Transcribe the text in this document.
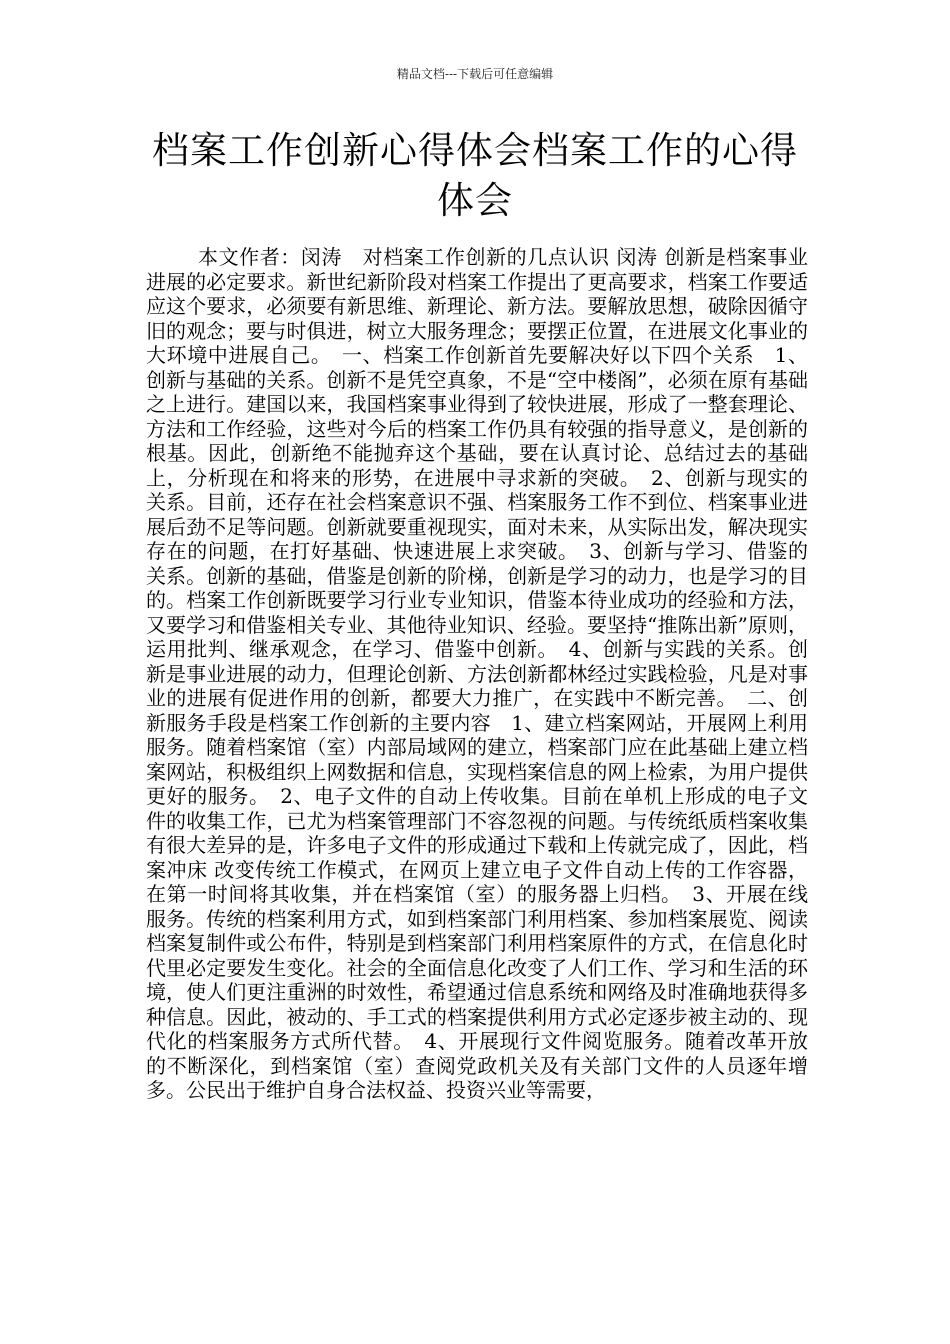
精品文档---下载后可任意编辑
档案工作创新心得体会档案工作的心得体会

本文作者：闵涛　对档案工作创新的几点认识 闵涛 创新是档案事业进展的必定要求。新世纪新阶段对档案工作提出了更高要求，档案工作要适应这个要求，必须要有新思维、新理论、新方法。要解放思想，破除因循守旧的观念；要与时俱进，树立大服务理念；要摆正位置，在进展文化事业的大环境中进展自己。　一、档案工作创新首先要解决好以下四个关系　1、创新与基础的关系。创新不是凭空真象，不是“空中楼阁”，必须在原有基础之上进行。建国以来，我国档案事业得到了较快进展，形成了一整套理论、方法和工作经验，这些对今后的档案工作仍具有较强的指导意义，是创新的根基。因此，创新绝不能抛弃这个基础，要在认真讨论、总结过去的基础上，分析现在和将来的形势，在进展中寻求新的突破。　2、创新与现实的关系。目前，还存在社会档案意识不强、档案服务工作不到位、档案事业进展后劲不足等问题。创新就要重视现实，面对未来，从实际出发，解决现实存在的问题，在打好基础、快速进展上求突破。　3、创新与学习、借鉴的关系。创新的基础，借鉴是创新的阶梯，创新是学习的动力，也是学习的目的。档案工作创新既要学习行业专业知识，借鉴本待业成功的经验和方法，又要学习和借鉴相关专业、其他待业知识、经验。要坚持“推陈出新”原则，运用批判、继承观念，在学习、借鉴中创新。　4、创新与实践的关系。创新是事业进展的动力，但理论创新、方法创新都林经过实践检验，凡是对事业的进展有促进作用的创新，都要大力推广，在实践中不断完善。　二、创新服务手段是档案工作创新的主要内容　1、建立档案网站，开展网上利用服务。随着档案馆（室）内部局域网的建立，档案部门应在此基础上建立档案网站，积极组织上网数据和信息，实现档案信息的网上检索，为用户提供更好的服务。　2、电子文件的自动上传收集。目前在单机上形成的电子文件的收集工作，已尤为档案管理部门不容忽视的问题。与传统纸质档案收集有很大差异的是，许多电子文件的形成通过下载和上传就完成了，因此，档案冲床 改变传统工作模式，在网页上建立电子文件自动上传的工作容器，在第一时间将其收集，并在档案馆（室）的服务器上归档。　3、开展在线服务。传统的档案利用方式，如到档案部门利用档案、参加档案展览、阅读档案复制件或公布件，特别是到档案部门利用档案原件的方式，在信息化时代里必定要发生变化。社会的全面信息化改变了人们工作、学习和生活的环境，使人们更注重洲的时效性，希望通过信息系统和网络及时准确地获得多种信息。因此，被动的、手工式的档案提供利用方式必定逐步被主动的、现代化的档案服务方式所代替。　4、开展现行文件阅览服务。随着改革开放的不断深化，到档案馆（室）查阅党政机关及有关部门文件的人员逐年增多。公民出于维护自身合法权益、投资兴业等需要，
